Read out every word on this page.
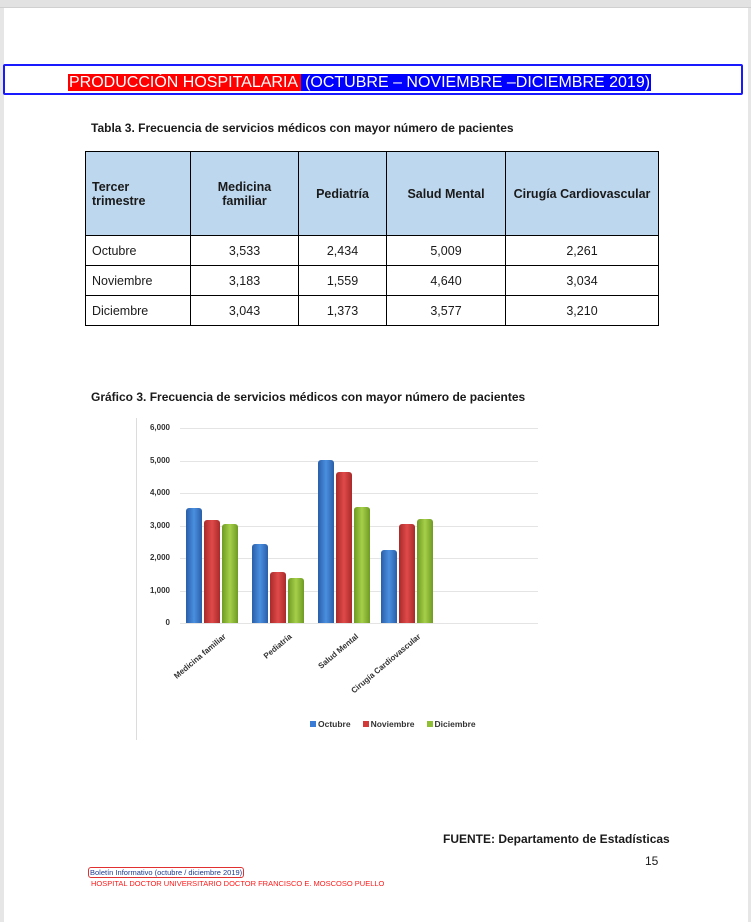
PRODUCCIÓN HOSPITALARIA (OCTUBRE – NOVIEMBRE –DICIEMBRE 2019)
Tabla 3. Frecuencia de servicios médicos con mayor número de pacientes
Tercer trimestre	Medicina familiar	Pediatría	Salud Mental	Cirugía Cardiovascular
Octubre	3,533	2,434	5,009	2,261
Noviembre	3,183	1,559	4,640	3,034
Diciembre	3,043	1,373	3,577	3,210
Gráfico 3. Frecuencia de servicios médicos con mayor número de pacientes
Octubre Noviembre Diciembre
FUENTE: Departamento de Estadísticas
15
Boletín Informativo (octubre / diciembre 2019)
HOSPITAL DOCTOR UNIVERSITARIO DOCTOR FRANCISCO E. MOSCOSO PUELLO
0
1,000
2,000
3,000
4,000
5,000
6,000
Medicina familiar	Pediatría	Salud Mental
Cirugía Cardiovascular
